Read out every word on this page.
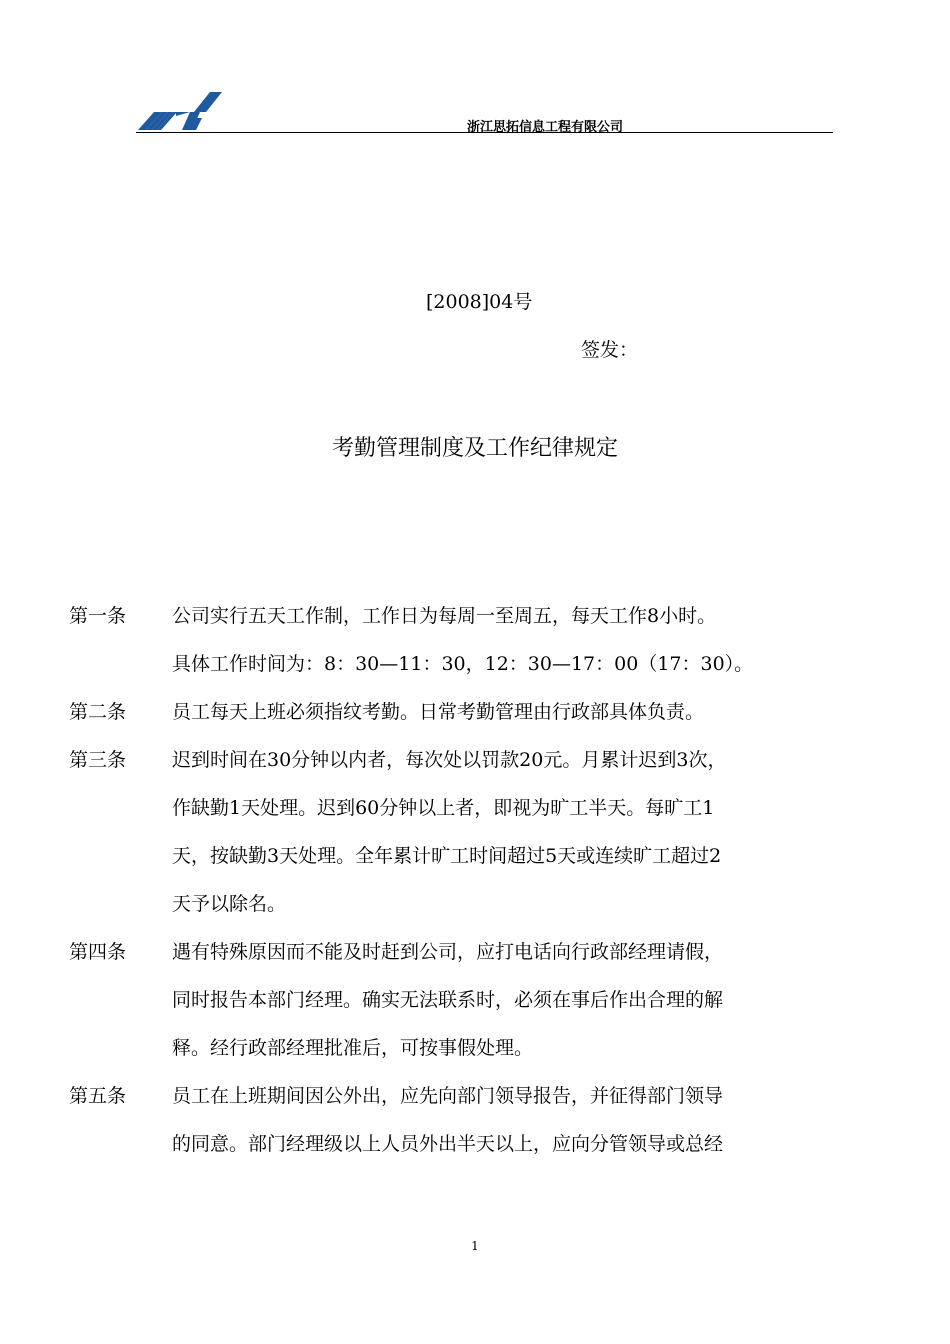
浙江思拓信息工程有限公司
[2008]04号
签发：
考勤管理制度及工作纪律规定
第一条	公司实行五天工作制，工作日为每周一至周五，每天工作8小时。
具体工作时间为：8：30—11：30，12：30—17：00（17：30）。
第二条	员工每天上班必须指纹考勤。日常考勤管理由行政部具体负责。
第三条	迟到时间在30分钟以内者，每次处以罚款20元。月累计迟到3次，
作缺勤1天处理。迟到60分钟以上者，即视为旷工半天。每旷工1
天，按缺勤3天处理。全年累计旷工时间超过5天或连续旷工超过2
天予以除名。
第四条	遇有特殊原因而不能及时赶到公司，应打电话向行政部经理请假，
同时报告本部门经理。确实无法联系时，必须在事后作出合理的解
释。经行政部经理批准后，可按事假处理。
第五条	员工在上班期间因公外出，应先向部门领导报告，并征得部门领导
的同意。部门经理级以上人员外出半天以上，应向分管领导或总经
1
